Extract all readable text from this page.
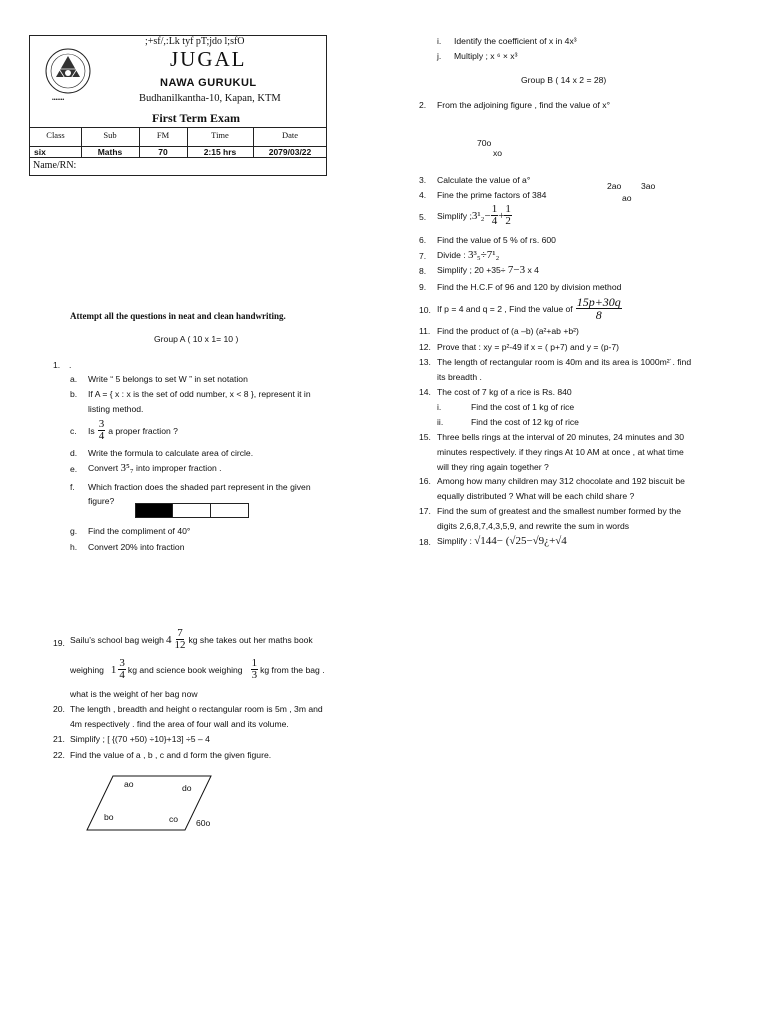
•••••••
;+sf/,:Lk tyf pT;jdo l;sfO
JUGAL
NAWA GURUKUL
Budhanilkantha-10, Kapan, KTM
First Term Exam
Class	Sub	FM	Time	Date
six	Maths	70	2:15 hrs	2079/03/22
Name/RN:
Attempt all the questions in neat and clean handwriting.
Group A ( 10 x 1= 10 )
1. .
a. Write “ 5 belongs to set W ” in set notation
b. If A = { x : x is the set of odd number, x < 8 }, represent it in
listing method.
c. Is $\frac{3}{4}$ a proper fraction ?
d. Write the formula to calculate area of circle.
e. Convert 3⁵₇ into improper fraction .
f. Which fraction does the shaded part represent in the given
figure?
g. Find the compliment of 40°
h. Convert 20% into fraction
i. Identify the coefficient of x in 4x³
j. Multiply ; x ⁶ × x³
Group B ( 14 x 2 = 28)
2. From the adjoining figure , find the value of x°
70o
xo
3. Calculate the value of a°
2ao 3ao
ao
4. Fine the prime factors of 384
5. Simplify ; $3^1_2- \frac{1}{4} + \frac{1}{2}$
6. Find the value of 5 % of rs. 600
7. Divide : 3³₅÷7¹₂
8. Simplify ; 20 +35÷ 7−3 x 4
9. Find the H.C.F of 96 and 120 by division method
10. If p = 4 and q = 2 , Find the value of $\frac{15p+30q}{8}$
11. Find the product of (a –b) (a²+ab +b²)
12. Prove that : xy = p²-49 if x = ( p+7) and y = (p-7)
13. The length of rectangular room is 40m and its area is 1000m²˙. find
its breadth .
14. The cost of 7 kg of a rice is Rs. 840
i.	Find the cost of 1 kg of rice
ii.	Find the cost of 12 kg of rice
15. Three bells rings at the interval of 20 minutes, 24 minutes and 30
minutes respectively. if they rings At 10 AM at once , at what time
will they ring again together ?
16. Among how many children may 312 chocolate and 192 biscuit be
equally distributed ? What will be each child share ?
17. Find the sum of greatest and the smallest number formed by the
digits 2,6,8,7,4,3,5,9, and rewrite the sum in words
18. Simplify : √144− (√25−√9¿+√4
19. Sailu’s school bag weigh $4 \frac{7}{12}$ kg she takes out her maths book
weighing $1 \frac{3}{4}$ kg and science book weighing $\frac{1}{3}$ kg from the bag .
what is the weight of her bag now
20. The length , breadth and height o rectangular room is 5m , 3m and
4m respectively . find the area of four wall and its volume.
21. Simplify ; [ {(70 +50) ÷10}+13] ÷5 – 4
22. Find the value of a , b , c and d form the given figure.
ao	do
bo	co 60o
